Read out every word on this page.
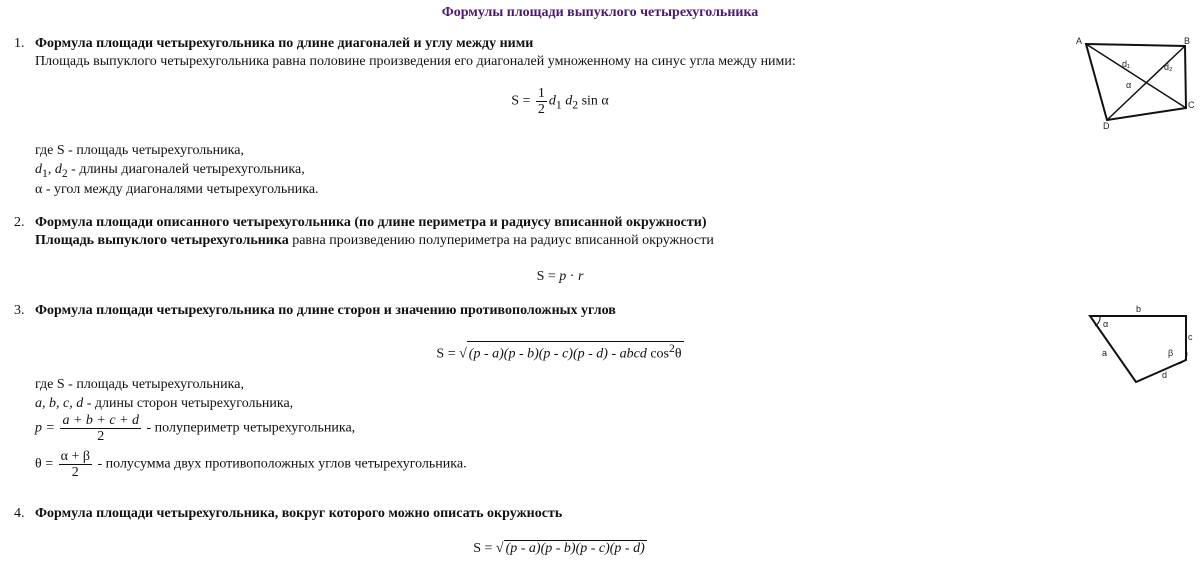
Формулы площади выпуклого четырехугольника
1. Формула площади четырехугольника по длине диагоналей и углу между ними
Площадь выпуклого четырехугольника равна половине произведения его диагоналей умноженному на синус угла между ними:
$S = \frac{1}{2} d_1$ $d_2$ sin α
где S - площадь четырехугольника,
$d_1$, $d_2$ - длины диагоналей четырехугольника,
α - угол между диагоналями четырехугольника.
2. Формула площади описанного четырехугольника (по длине периметра и радиусу вписанной окружности)
Площадь выпуклого четырехугольника равна произведению полупериметра на радиус вписанной окружности
S = p · r
3. Формула площади четырехугольника по длине сторон и значению противоположных углов
S = √ (p - a)(p - b)(p - c)(p - d) - abcd $\cos^2\theta$
где S - площадь четырехугольника,
a, b, c, d - длины сторон четырехугольника,
$p = \frac{a + b + c + d}{2}$ - полупериметр четырехугольника,
$\theta = \frac{\alpha + \beta}{2}$ - полусумма двух противоположных углов четырехугольника.
4. Формула площади четырехугольника, вокруг которого можно описать окружность
S = √ (p - a)(p - b)(p - c)(p - d)
A	B
C
D
d₁	d₂
α
b
c
a
d
α
β
